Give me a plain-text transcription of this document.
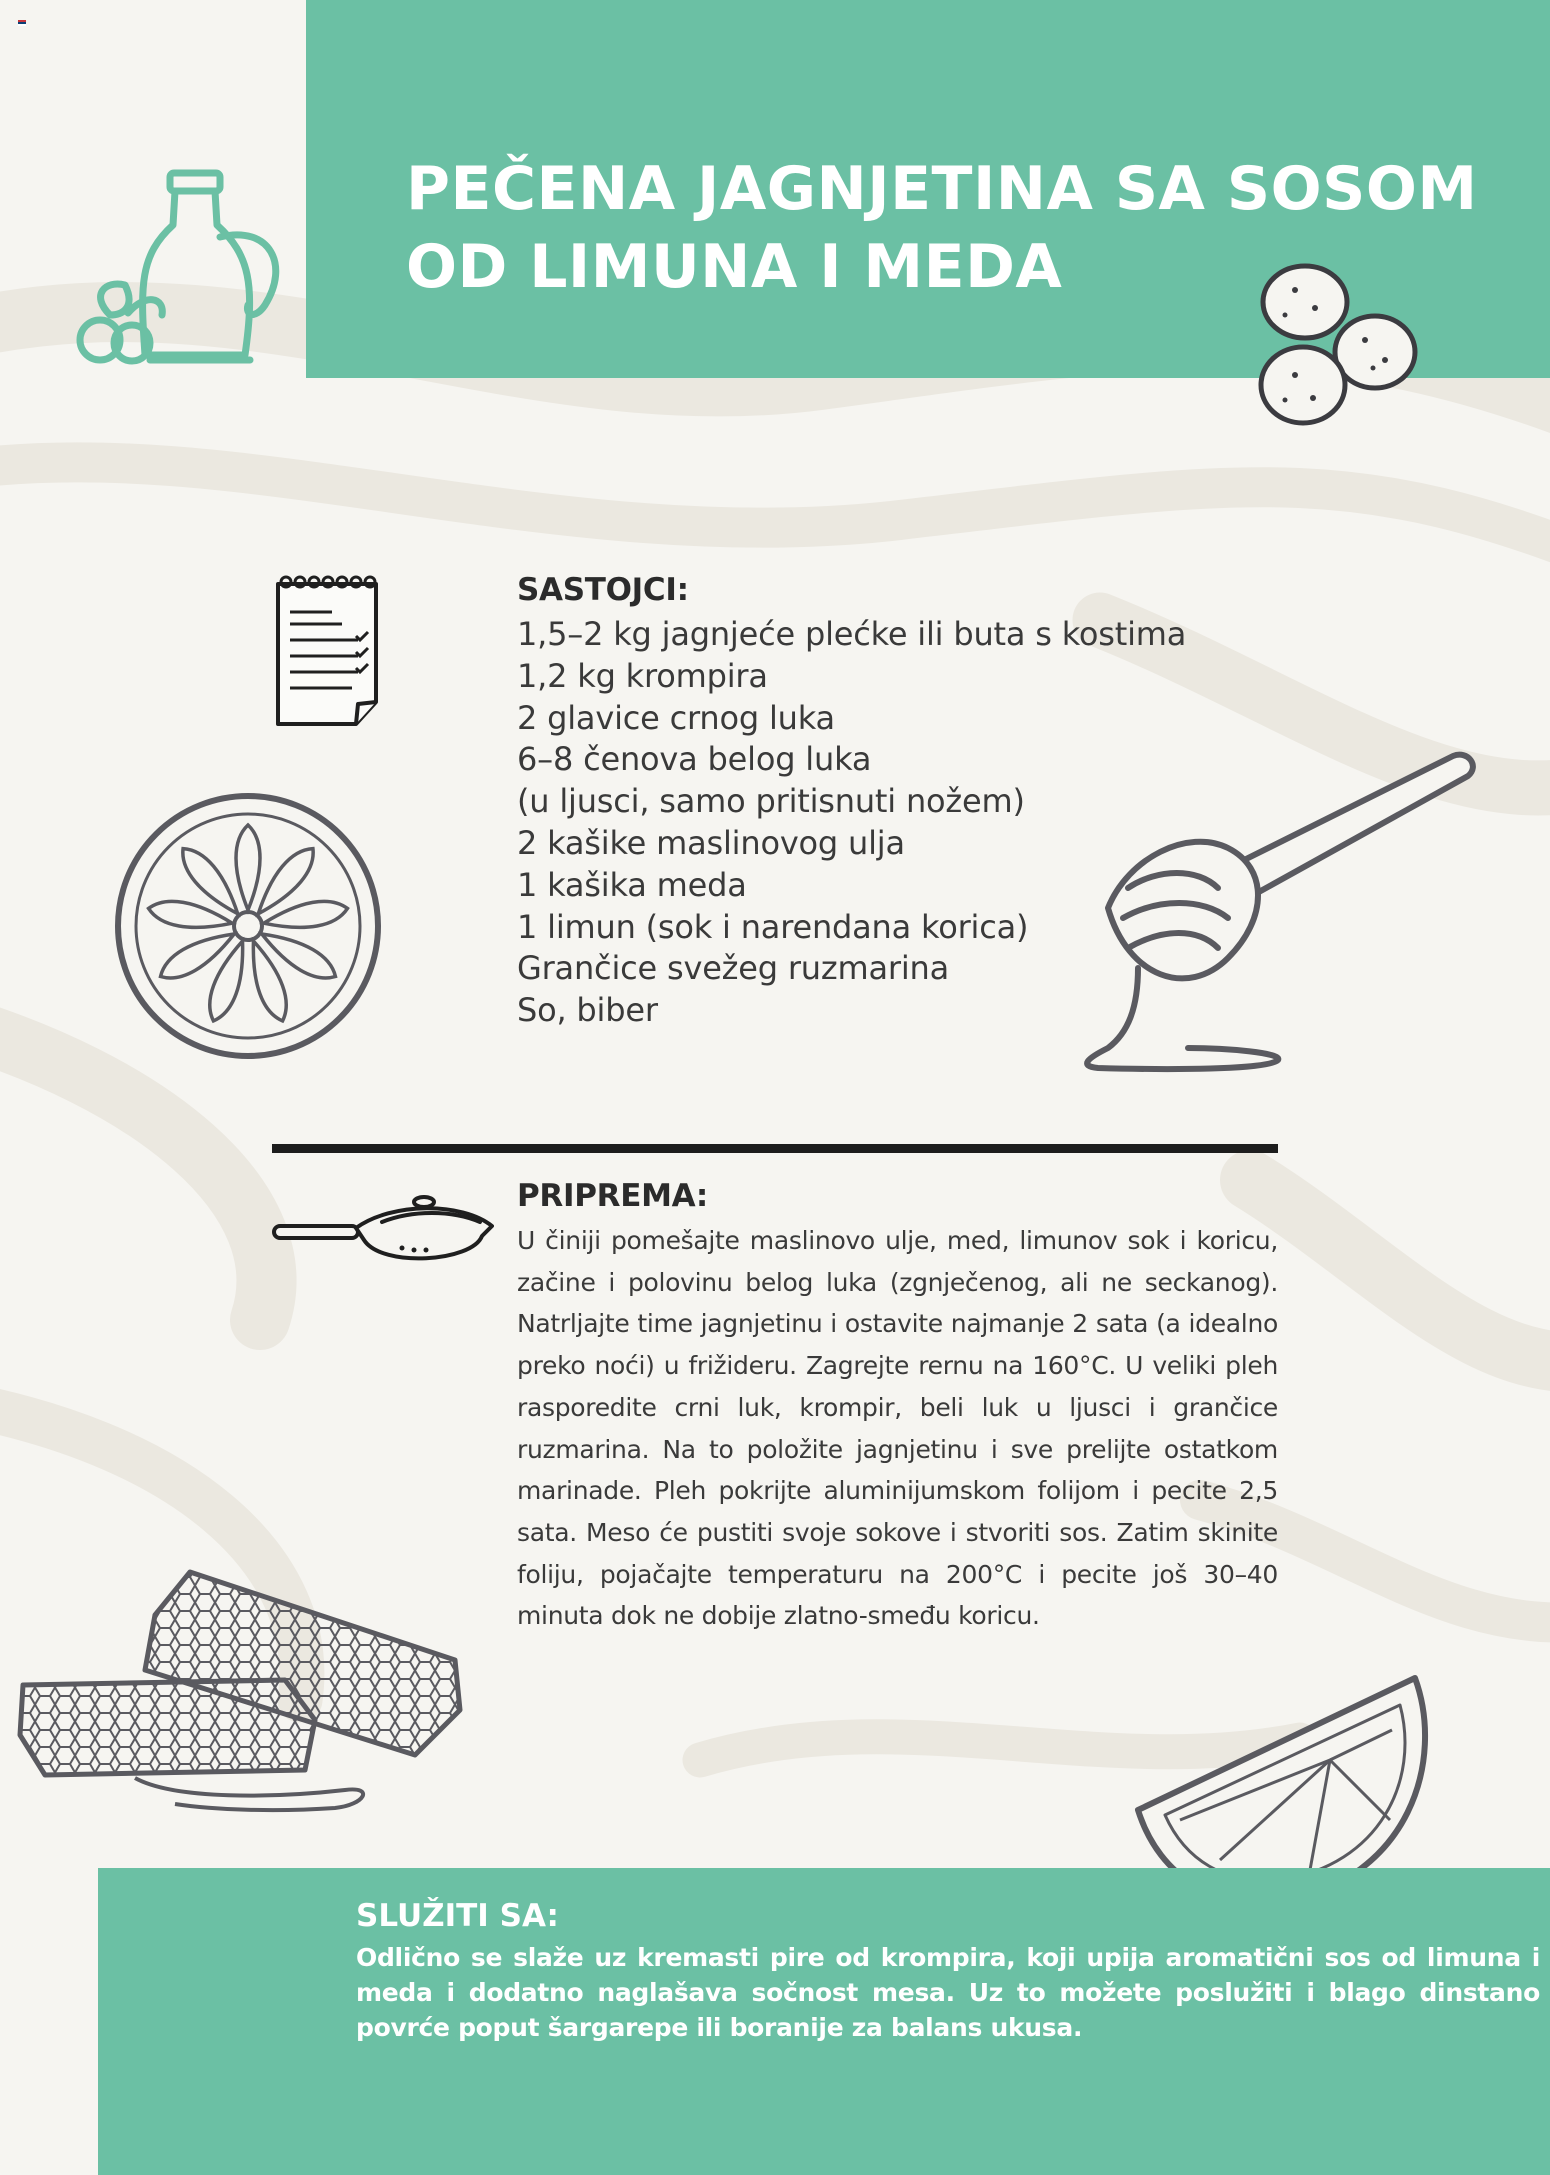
PEČENA JAGNJETINA SA SOSOM
OD LIMUNA I MEDA
SASTOJCI:
1,5–2 kg jagnjeće plećke ili buta s kostima
1,2 kg krompira
2 glavice crnog luka
6–8 čenova belog luka
(u ljusci, samo pritisnuti nožem)
2 kašike maslinovog ulja
1 kašika meda
1 limun (sok i narendana korica)
Grančice svežeg ruzmarina
So, biber
PRIPREMA:

U činiji pomešajte maslinovo ulje, med, limunov sok i koricu, začine i polovinu belog luka (zgnječenog, ali ne seckanog). Natrljajte time jagnjetinu i ostavite najmanje 2 sata (a idealno preko noći) u frižideru. Zagrejte rernu na 160°C. U veliki pleh rasporedite crni luk, krompir, beli luk u ljusci i grančice ruzmarina. Na to položite jagnjetinu i sve prelijte ostatkom marinade. Pleh pokrijte aluminijumskom folijom i pecite 2,5 sata. Meso će pustiti svoje sokove i stvoriti sos. Zatim skinite foliju, pojačajte temperaturu na 200°C i pecite još 30–40 minuta dok ne dobije zlatno-smeđu koricu.

SLUŽITI SA:

Odlično se slaže uz kremasti pire od krompira, koji upija aromatični sos od limuna i meda i dodatno naglašava sočnost mesa. Uz to možete poslužiti i blago dinstano povrće poput šargarepe ili boranije za balans ukusa.
